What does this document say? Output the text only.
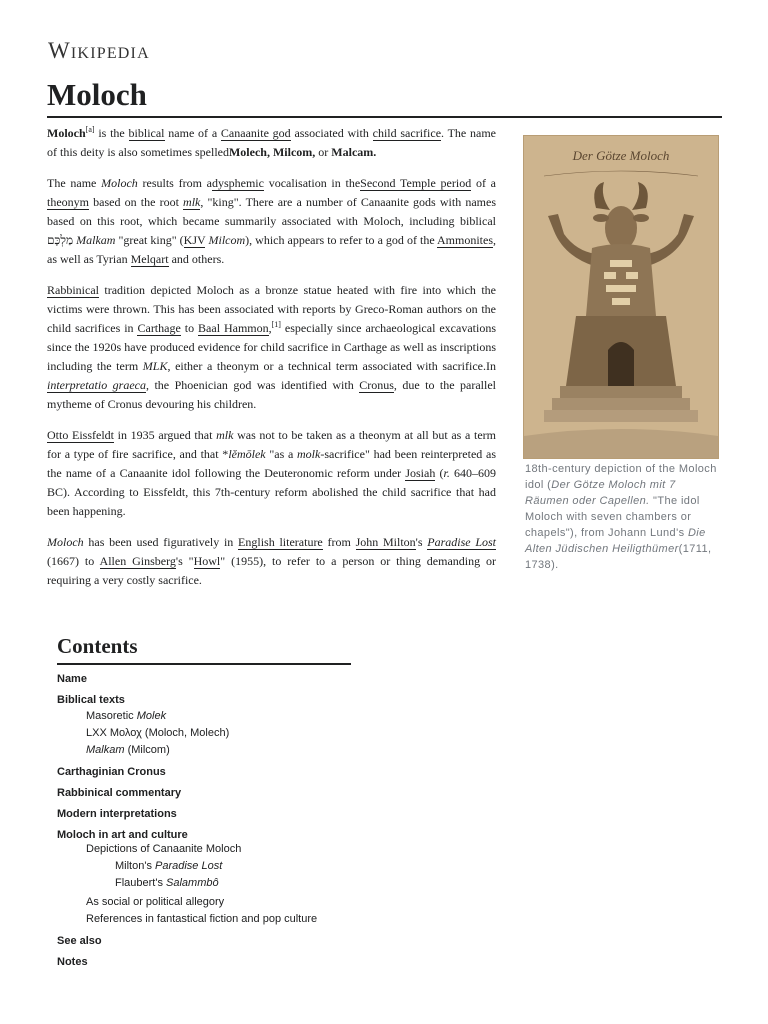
Wikipedia
Moloch

Moloch[a] is the biblical name of a Canaanite god associated with child sacrifice. The name of this deity is also sometimes spelledMolech, Milcom, or Malcam.

The name Moloch results from adysphemic vocalisation in theSecond Temple period of a theonym based on the root mlk, "king". There are a number of Canaanite gods with names based on this root, which became summarily associated with Moloch, including biblical מַלְכָּם Malkam "great king" (KJV Milcom), which appears to refer to a god of the Ammonites, as well as Tyrian Melqart and others.

Rabbinical tradition depicted Moloch as a bronze statue heated with fire into which the victims were thrown. This has been associated with reports by Greco-Roman authors on the child sacrifices in Carthage to Baal Hammon,[1] especially since archaeological excavations since the 1920s have produced evidence for child sacrifice in Carthage as well as inscriptions including the term MLK, either a theonym or a technical term associated with sacrifice.In interpretatio graeca, the Phoenician god was identified with Cronus, due to the parallel mytheme of Cronus devouring his children.

Otto Eissfeldt in 1935 argued that mlk was not to be taken as a theonym at all but as a term for a type of fire sacrifice, and that *lĕmōlek "as a molk-sacrifice" had been reinterpreted as the name of a Canaanite idol following the Deuteronomic reform under Josiah (r. 640–609 BC). According to Eissfeldt, this 7th-century reform abolished the child sacrifice that had been happening.

Moloch has been used figuratively in English literature from John Milton's Paradise Lost (1667) to Allen Ginsberg's "Howl" (1955), to refer to a person or thing demanding or requiring a very costly sacrifice.

Der Götze Moloch
18th-century depiction of the Moloch idol (Der Götze Moloch mit 7 Räumen oder Capellen. "The idol Moloch with seven chambers or chapels"), from Johann Lund's Die Alten Jüdischen Heiligthümer(1711, 1738).
Contents
Name
Biblical texts
Masoretic Molek
LXX Μολοχ (Moloch, Molech)
Malkam (Milcom)
Carthaginian Cronus
Rabbinical commentary
Modern interpretations
Moloch in art and culture
Depictions of Canaanite Moloch
Milton's Paradise Lost
Flaubert's Salammbô
As social or political allegory
References in fantastical fiction and pop culture
See also
Notes
